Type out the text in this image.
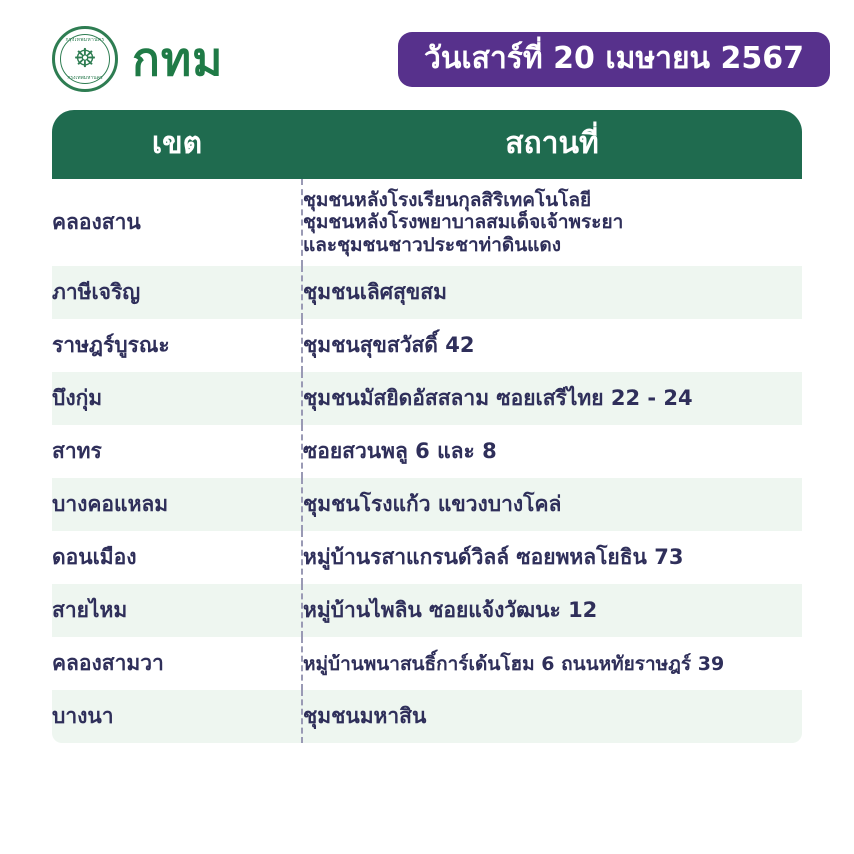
กรุงเทพมหานคร
☸
กรุงเทพมหานคร กทม	วันเสาร์ที่ 20 เมษายน 2567
เขต	สถานที่
คลองสาน	ชุมชนหลังโรงเรียนกุลสิริเทคโนโลยี
ชุมชนหลังโรงพยาบาลสมเด็จเจ้าพระยา
และชุมชนชาวประชาท่าดินแดง

ภาษีเจริญ	ชุมชนเลิศสุขสม

ราษฎร์บูรณะ	ชุมชนสุขสวัสดิ์ 42

บึงกุ่ม	ชุมชนมัสยิดอัสสลาม ซอยเสรีไทย 22 - 24

สาทร	ซอยสวนพลู 6 และ 8

บางคอแหลม	ชุมชนโรงแก้ว แขวงบางโคล่

ดอนเมือง	หมู่บ้านรสาแกรนด์วิลล์ ซอยพหลโยธิน 73

สายไหม	หมู่บ้านไพลิน ซอยแจ้งวัฒนะ 12

คลองสามวา	หมู่บ้านพนาสนธิ์การ์เด้นโฮม 6 ถนนหทัยราษฎร์ 39

บางนา	ชุมชนมหาสิน
